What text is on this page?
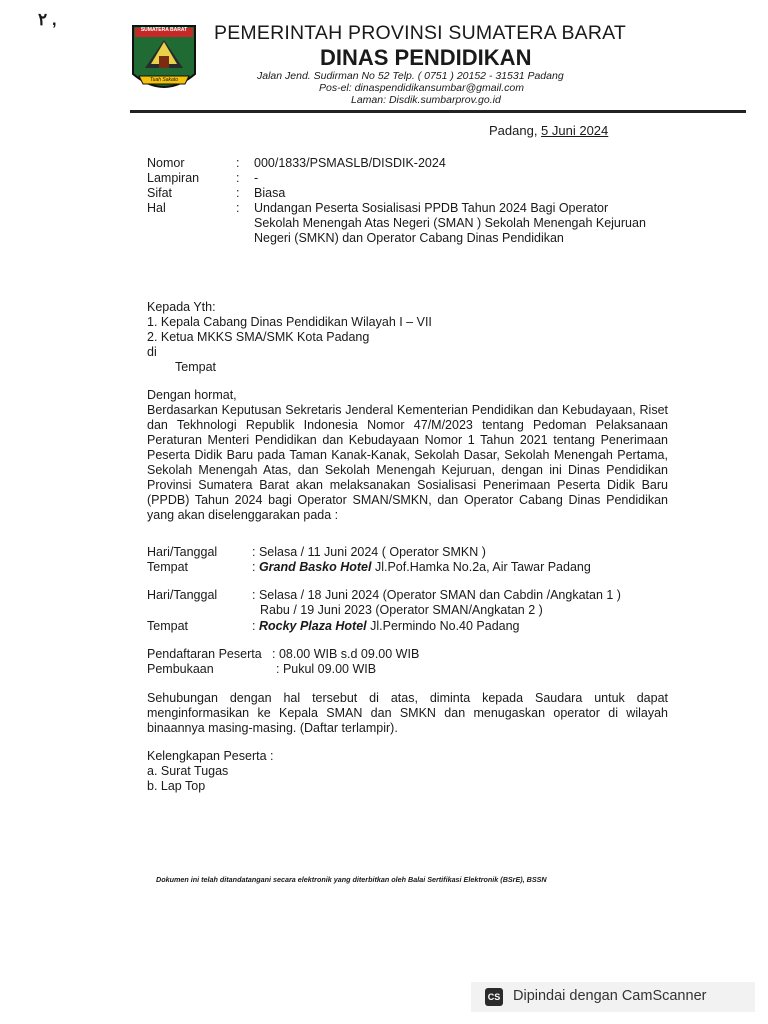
۲ ,
SUMATERA BARAT
Tuah Sakato
PEMERINTAH PROVINSI SUMATERA BARAT
DINAS PENDIDIKAN
Jalan Jend. Sudirman No 52 Telp. ( 0751 ) 20152 - 31531 Padang
Pos-el: dinaspendidikansumbar@gmail.com
Laman: Disdik.sumbarprov.go.id
Padang, 5 Juni 2024
Nomor	: 000/1833/PSMASLB/DISDIK-2024
Lampiran	: -
Sifat	: Biasa
Hal	: Undangan Peserta Sosialisasi PPDB Tahun 2024 Bagi Operator Sekolah Menengah Atas Negeri (SMAN ) Sekolah Menengah Kejuruan Negeri (SMKN) dan Operator Cabang Dinas Pendidikan
Kepada Yth:
1. Kepala Cabang Dinas Pendidikan Wilayah I – VII
2. Ketua MKKS SMA/SMK Kota Padang
di
Tempat
Dengan hormat,
Berdasarkan Keputusan Sekretaris Jenderal Kementerian Pendidikan dan Kebudayaan, Riset dan Tekhnologi Republik Indonesia Nomor 47/M/2023 tentang Pedoman Pelaksanaan Peraturan Menteri Pendidikan dan Kebudayaan Nomor 1 Tahun 2021 tentang Penerimaan Peserta Didik Baru pada Taman Kanak-Kanak, Sekolah Dasar, Sekolah Menengah Pertama, Sekolah Menengah Atas, dan Sekolah Menengah Kejuruan, dengan ini Dinas Pendidikan Provinsi Sumatera Barat akan melaksanakan Sosialisasi Penerimaan Peserta Didik Baru (PPDB) Tahun 2024 bagi Operator SMAN/SMKN, dan Operator Cabang Dinas Pendidikan yang akan diselenggarakan pada :
Hari/Tanggal	: Selasa / 11 Juni 2024 ( Operator SMKN )
Tempat	: Grand Basko Hotel Jl.Pof.Hamka No.2a, Air Tawar Padang
Hari/Tanggal	: Selasa / 18 Juni 2024 (Operator SMAN dan Cabdin /Angkatan 1 )
Rabu / 19 Juni 2023 (Operator SMAN/Angkatan 2 )
Tempat	: Rocky Plaza Hotel Jl.Permindo No.40 Padang
Pendaftaran Peserta : 08.00 WIB s.d 09.00 WIB
Pembukaan	: Pukul 09.00 WIB
Sehubungan dengan hal tersebut di atas, diminta kepada Saudara untuk dapat menginformasikan ke Kepala SMAN dan SMKN dan menugaskan operator di wilayah binaannya masing-masing. (Daftar terlampir).
Kelengkapan Peserta :
a. Surat Tugas
b. Lap Top
Dokumen ini telah ditandatangani secara elektronik yang diterbitkan oleh Balai Sertifikasi Elektronik (BSrE), BSSN
CS Dipindai dengan CamScanner
